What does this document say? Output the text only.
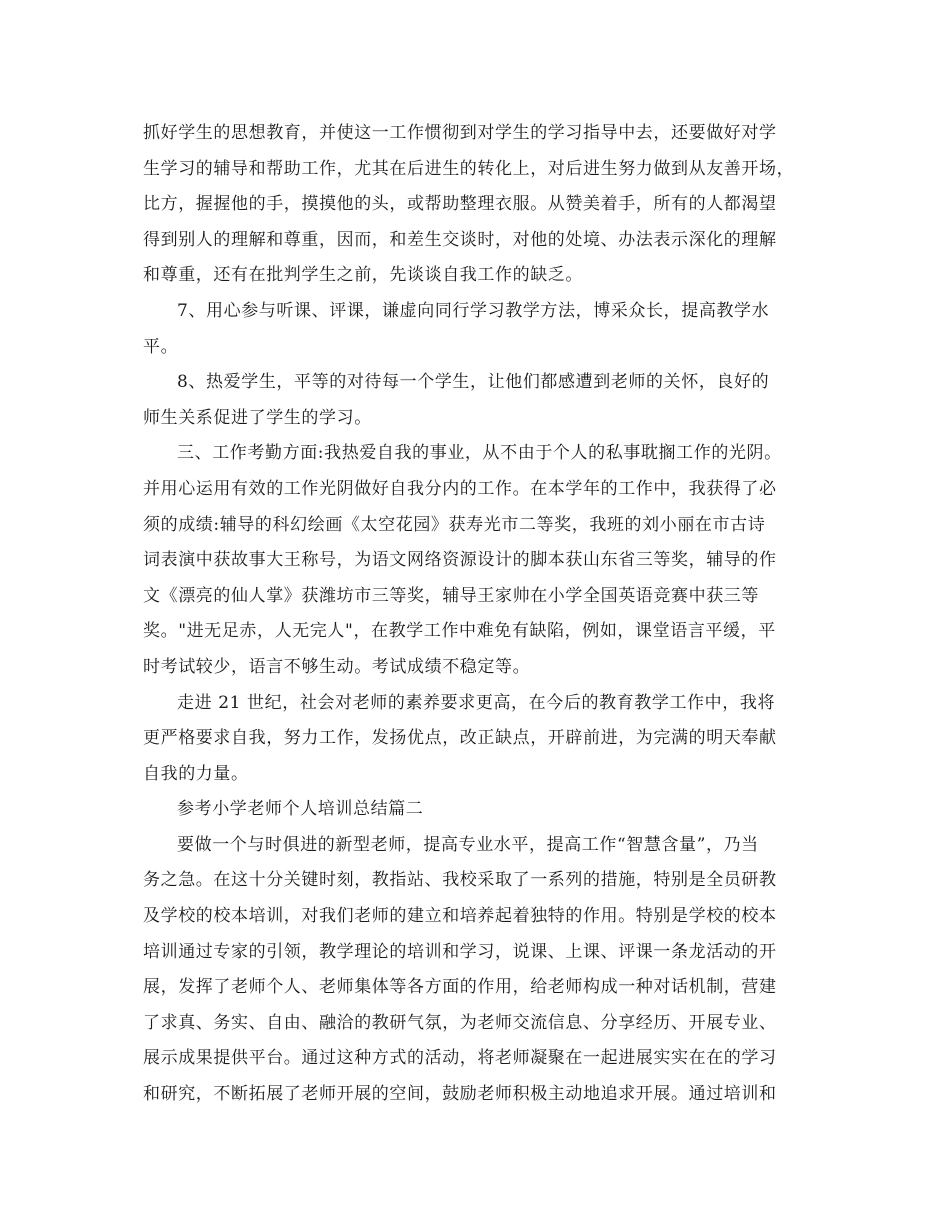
抓好学生的思想教育，并使这一工作惯彻到对学生的学习指导中去，还要做好对学
生学习的辅导和帮助工作，尤其在后进生的转化上，对后进生努力做到从友善开场，
比方，握握他的手，摸摸他的头，或帮助整理衣服。从赞美着手，所有的人都渴望
得到别人的理解和尊重，因而，和差生交谈时，对他的处境、办法表示深化的理解
和尊重，还有在批判学生之前，先谈谈自我工作的缺乏。
7、用心参与听课、评课，谦虚向同行学习教学方法，博采众长，提高教学水
平。
8、热爱学生，平等的对待每一个学生，让他们都感遭到老师的关怀，良好的
师生关系促进了学生的学习。
三、工作考勤方面:我热爱自我的事业，从不由于个人的私事耽搁工作的光阴。
并用心运用有效的工作光阴做好自我分内的工作。在本学年的工作中，我获得了必
须的成绩:辅导的科幻绘画《太空花园》获寿光市二等奖，我班的刘小丽在市古诗
词表演中获故事大王称号，为语文网络资源设计的脚本获山东省三等奖，辅导的作
文《漂亮的仙人掌》获潍坊市三等奖，辅导王家帅在小学全国英语竞赛中获三等
奖。"进无足赤，人无完人"，在教学工作中难免有缺陷，例如，课堂语言平缓，平
时考试较少，语言不够生动。考试成绩不稳定等。
走进 21 世纪，社会对老师的素养要求更高，在今后的教育教学工作中，我将
更严格要求自我，努力工作，发扬优点，改正缺点，开辟前进，为完满的明天奉献
自我的力量。
参考小学老师个人培训总结篇二
要做一个与时俱进的新型老师，提高专业水平，提高工作“智慧含量”，乃当
务之急。在这十分关键时刻，教指站、我校采取了一系列的措施，特别是全员研教
及学校的校本培训，对我们老师的建立和培养起着独特的作用。特别是学校的校本
培训通过专家的引领，教学理论的培训和学习，说课、上课、评课一条龙活动的开
展，发挥了老师个人、老师集体等各方面的作用，给老师构成一种对话机制，营建
了求真、务实、自由、融洽的教研气氛，为老师交流信息、分享经历、开展专业、
展示成果提供平台。通过这种方式的活动，将老师凝聚在一起进展实实在在的学习
和研究，不断拓展了老师开展的空间，鼓励老师积极主动地追求开展。通过培训和
